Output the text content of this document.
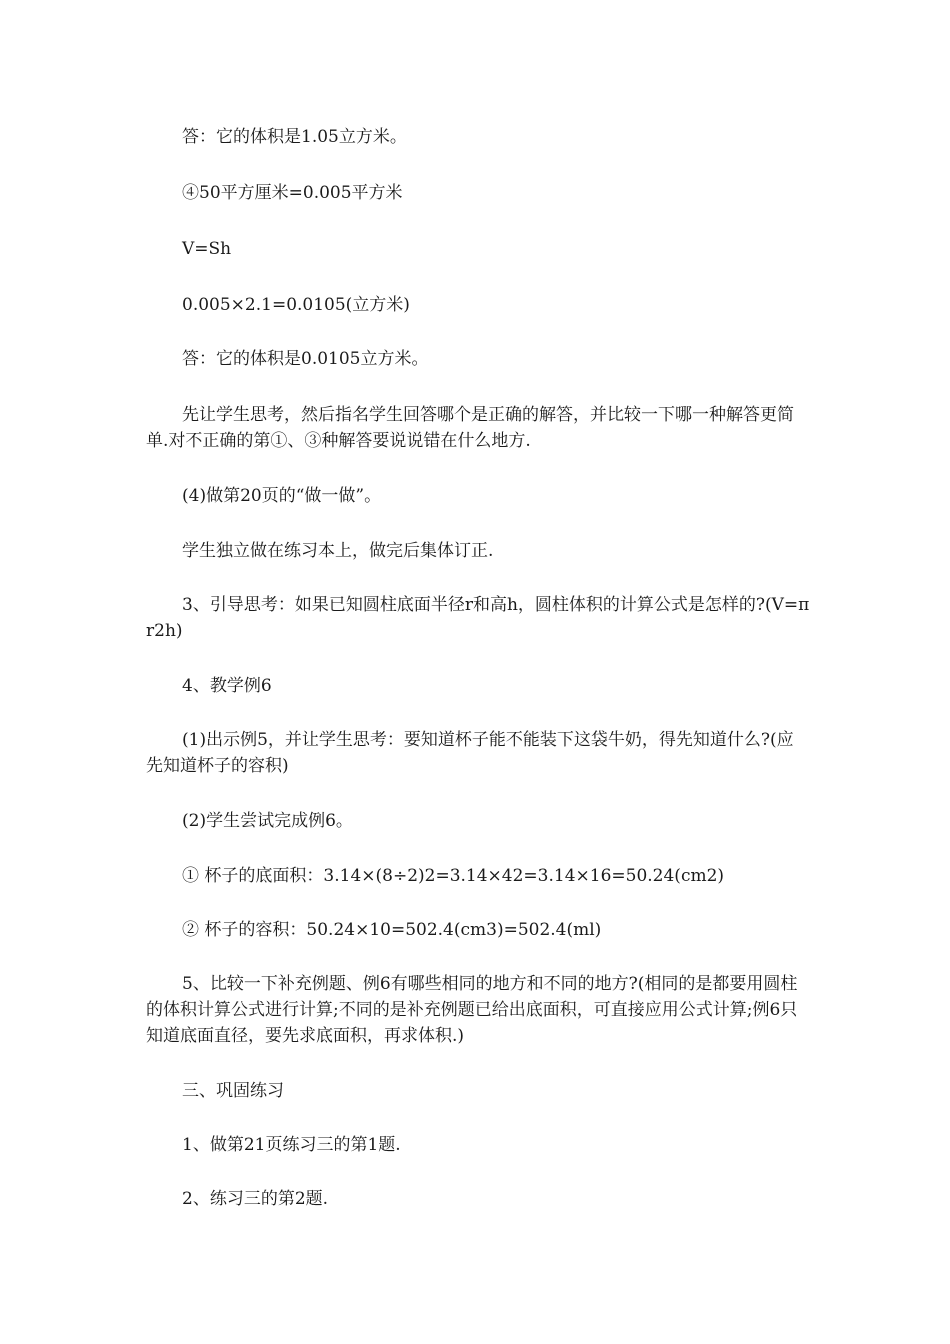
答：它的体积是1.05立方米。

④50平方厘米=0.005平方米

V=Sh

0.005×2.1=0.0105(立方米)

答：它的体积是0.0105立方米。

先让学生思考，然后指名学生回答哪个是正确的解答，并比较一下哪一种解答更简单.对不正确的第①、③种解答要说说错在什么地方.

(4)做第20页的“做一做”。

学生独立做在练习本上，做完后集体订正.

3、引导思考：如果已知圆柱底面半径r和高h，圆柱体积的计算公式是怎样的?(V=πr2h)

4、教学例6

(1)出示例5，并让学生思考：要知道杯子能不能装下这袋牛奶，得先知道什么?(应先知道杯子的容积)

(2)学生尝试完成例6。

① 杯子的底面积：3.14×(8÷2)2=3.14×42=3.14×16=50.24(cm2)

② 杯子的容积：50.24×10=502.4(cm3)=502.4(ml)

5、比较一下补充例题、例6有哪些相同的地方和不同的地方?(相同的是都要用圆柱的体积计算公式进行计算;不同的是补充例题已给出底面积，可直接应用公式计算;例6只知道底面直径，要先求底面积，再求体积.)

三、巩固练习

1、做第21页练习三的第1题.

2、练习三的第2题.
